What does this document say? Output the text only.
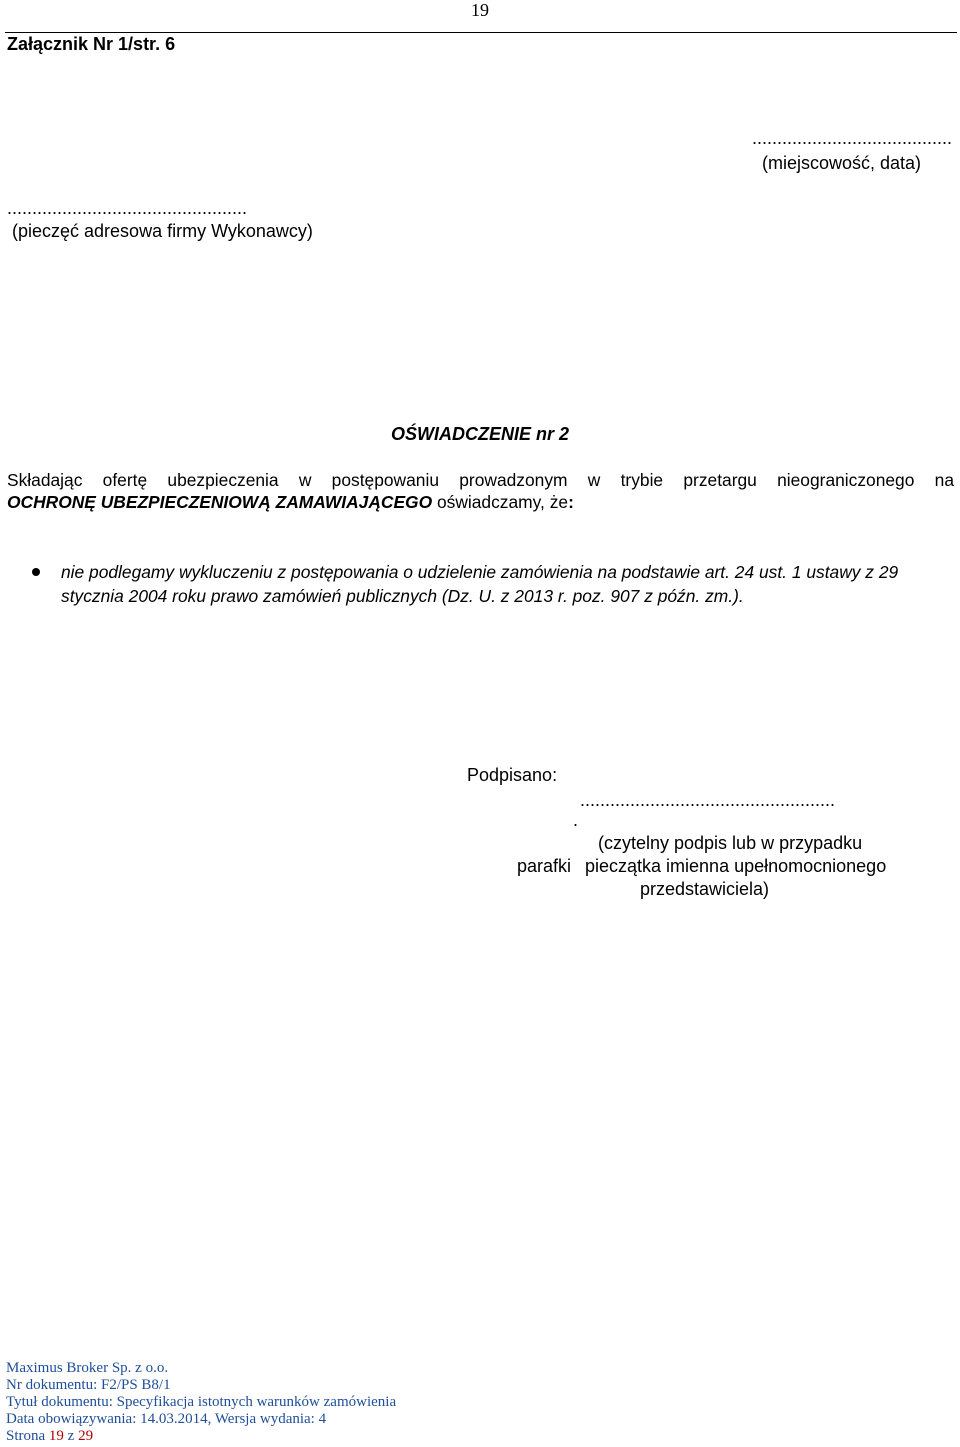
19
Załącznik Nr 1/str. 6
........................................
(miejscowość, data)
................................................
(pieczęć adresowa firmy Wykonawcy)
OŚWIADCZENIE nr 2
Składając ofertę ubezpieczenia w postępowaniu prowadzonym w trybie przetargu nieograniczonego na
OCHRONĘ UBEZPIECZENIOWĄ ZAMAWIAJĄCEGO oświadczamy, że:
nie podlegamy wykluczeniu z postępowania o udzielenie zamówienia na podstawie art. 24 ust. 1 ustawy z 29 stycznia 2004 roku prawo zamówień publicznych (Dz. U. z 2013 r. poz. 907 z późn. zm.).
Podpisano:
...................................................
.
(czytelny podpis lub w przypadku
parafki pieczątka imienna upełnomocnionego
przedstawiciela)
Maximus Broker Sp. z o.o.
Nr dokumentu: F2/PS B8/1
Tytuł dokumentu: Specyfikacja istotnych warunków zamówienia
Data obowiązywania: 14.03.2014, Wersja wydania: 4
Strona 19 z 29
